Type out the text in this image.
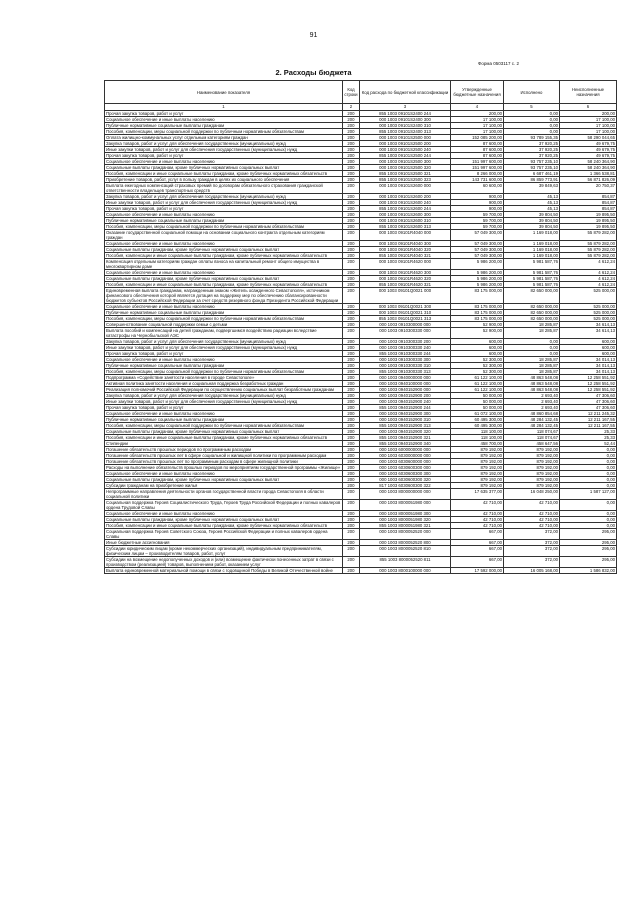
91
Форма 0503117 с. 2
2. Расходы бюджета
Наименование показателя	Код строки	Код расхода по бюджетной классификации	Утвержденные бюджетные назначения	Исполнено	Неисполненные назначения
1	2	3	4	5	6
Прочая закупка товаров, работ и услуг	200	855 1003 09101S2400 244	200,00	0,00	200,00
Социальное обеспечение и иные выплаты населению	200	000 1003 09101S2400 300	17 100,00	0,00	17 100,00
Публичные нормативные социальные выплаты гражданам	200	000 1003 09101S2400 310	17 100,00	0,00	17 100,00
Пособия, компенсации, меры социальной поддержки по публичным нормативным обязательствам	200	855 1003 09101S2400 313	17 100,00	0,00	17 100,00
Оплата жилищно-коммунальных услуг отдельным категориям граждан	200	000 1003 09101S2500 000	152 085 200,00	93 789 155,35	58 290 044,65
Закупка товаров, работ и услуг для обеспечения государственных (муниципальных) нужд	200	000 1003 09101S2500 200	87 600,00	37 920,25	49 679,75
Иные закупки товаров, работ и услуг для обеспечения государственных (муниципальных) нужд	200	000 1003 09101S2500 240	87 600,00	37 920,25	49 679,75
Прочая закупка товаров, работ и услуг	200	855 1003 09101S2500 244	87 600,00	37 920,25	49 679,75
Социальное обеспечение и иные выплаты населению	200	000 1003 09101S2500 300	151 997 600,00	93 757 235,10	58 240 364,90
Социальные выплаты гражданам, кроме публичных нормативных социальных выплат	200	000 1003 09101S2500 320	151 997 600,00	93 757 235,10	58 240 364,90
Пособия, компенсации и иные социальные выплаты гражданам, кроме публичных нормативных обязательств	200	855 1003 09101S2500 321	8 266 000,00	6 687 461,19	1 366 538,81
Приобретение товаров, работ, услуг в пользу граждан в целях их социального обеспечения	200	855 1003 09101S2500 323	143 731 600,00	86 859 773,91	56 871 826,09
Выплата ежегодных компенсаций страховых премий по договорам обязательного страхования гражданской ответственности владельцев транспортных средств	200	000 1003 09101S2600 000	60 600,00	39 849,63	20 750,37
Закупка товаров, работ и услуг для обеспечения государственных (муниципальных) нужд	200	000 1003 09101S2600 200	900,00	45,13	854,87
Иные закупки товаров, работ и услуг для обеспечения государственных (муниципальных) нужд	200	000 1003 09101S2600 240	900,00	45,13	854,87
Прочая закупка товаров, работ и услуг	200	855 1003 09101S2600 244	900,00	45,13	854,87
Социальное обеспечение и иные выплаты населению	200	000 1003 09101S2600 300	59 700,00	39 804,50	19 895,50
Публичные нормативные социальные выплаты гражданам	200	000 1003 09101S2600 310	59 700,00	39 804,50	19 895,50
Пособия, компенсации, меры социальной поддержки по публичным нормативным обязательствам	200	855 1003 09101S2600 313	59 700,00	39 804,50	19 895,50
Оказание государственной социальной помощи на основании социального контракта отдельным категориям граждан	200	000 1003 09101R4040 000	57 049 300,00	1 169 018,00	55 879 282,00
Социальное обеспечение и иные выплаты населению	200	000 1003 09101R4040 300	57 049 300,00	1 169 018,00	55 879 282,00
Социальные выплаты гражданам, кроме публичных нормативных социальных выплат	200	000 1003 09101R4040 320	57 049 300,00	1 169 018,00	55 879 282,00
Пособия, компенсации и иные социальные выплаты гражданам, кроме публичных нормативных обязательств	200	855 1003 09101R4040 321	57 049 300,00	1 169 018,00	55 879 282,00
Компенсация отдельным категориям граждан оплаты взноса на капитальный ремонт общего имущества в многоквартирном доме	200	000 1003 09101R4620 000	5 986 200,00	5 981 587,76	4 612,24
Социальное обеспечение и иные выплаты населению	200	000 1003 09101R4620 300	5 986 200,00	5 981 587,76	4 612,24
Социальные выплаты гражданам, кроме публичных нормативных социальных выплат	200	000 1003 09101R4620 320	5 986 200,00	5 981 587,76	4 612,24
Пособия, компенсации и иные социальные выплаты гражданам, кроме публичных нормативных обязательств	200	855 1003 09101R4620 321	5 986 200,00	5 981 587,76	4 612,24
Единовременная выплата гражданам, награжденным знаком «Житель осажденного Севастополя», источником финансового обеспечения которой является дотация на поддержку мер по обеспечению сбалансированности бюджетов субъектов Российской Федерации за счет средств резервного фонда Президента Российской Федерации	200	000 1003 09101Q0021 000	83 175 000,00	82 650 000,00	525 000,00
Социальное обеспечение и иные выплаты населению	200	000 1003 09101Q0021 300	83 175 000,00	82 650 000,00	525 000,00
Публичные нормативные социальные выплаты гражданам	200	000 1003 09101Q0021 310	83 175 000,00	82 650 000,00	525 000,00
Пособия, компенсации, меры социальной поддержки по публичным нормативным обязательствам	200	855 1003 09101Q0021 313	83 175 000,00	82 650 000,00	525 000,00
Совершенствование социальной поддержки семьи с детьми	200	000 1003 0910300000 000	52 900,00	18 285,87	34 614,13
Выплата пособий и компенсаций на детей гражданам, подвергшимся воздействию радиации вследствие катастрофы на Чернобыльской АЭС	200	000 1003 0910300330 000	52 900,00	18 285,87	34 614,13
Закупка товаров, работ и услуг для обеспечения государственных (муниципальных) нужд	200	000 1003 0910300330 200	600,00	0,00	600,00
Иные закупки товаров, работ и услуг для обеспечения государственных (муниципальных) нужд	200	000 1003 0910300330 240	600,00	0,00	600,00
Прочая закупка товаров, работ и услуг	200	855 1003 0910300330 244	600,00	0,00	600,00
Социальное обеспечение и иные выплаты населению	200	000 1003 0910300330 300	52 300,00	18 285,87	34 014,13
Публичные нормативные социальные выплаты гражданам	200	000 1003 0910300330 310	52 300,00	18 285,87	34 014,13
Пособия, компенсации, меры социальной поддержки по публичным нормативным обязательствам	200	855 1003 0910300330 313	52 300,00	18 285,87	34 014,13
Подпрограмма «Содействие занятости населения в городе Севастополе»	200	000 1003 0940000000 000	61 122 100,00	48 863 548,08	12 258 551,92
Активная политика занятости населения и социальная поддержка безработных граждан	200	000 1003 0940100000 000	61 122 100,00	48 863 548,08	12 258 551,92
Реализация полномочий Российской Федерации по осуществлению социальных выплат безработным гражданам	200	000 1003 0940152900 000	61 122 100,00	48 863 548,08	12 258 551,92
Закупка товаров, работ и услуг для обеспечения государственных (муниципальных) нужд	200	000 1003 0940152900 200	50 000,00	2 693,40	47 306,60
Иные закупки товаров, работ и услуг для обеспечения государственных (муниципальных) нужд	200	000 1003 0940152900 240	50 000,00	2 693,40	47 306,60
Прочая закупка товаров, работ и услуг	200	855 1003 0940152900 244	50 000,00	2 693,40	47 306,60
Социальное обеспечение и иные выплаты населению	200	000 1003 0940152900 300	61 072 100,00	48 860 854,68	12 211 245,32
Публичные нормативные социальные выплаты гражданам	200	000 1003 0940152900 310	60 495 300,00	48 284 132,45	12 211 167,55
Пособия, компенсации, меры социальной поддержки по публичным нормативным обязательствам	200	855 1003 0940152900 313	60 495 300,00	48 284 132,45	12 211 167,55
Социальные выплаты гражданам, кроме публичных нормативных социальных выплат	200	000 1003 0940152900 320	118 100,00	118 074,67	25,33
Пособия, компенсации и иные социальные выплаты гражданам, кроме публичных нормативных обязательств	200	855 1003 0940152900 321	118 100,00	118 074,67	25,33
Стипендии	200	855 1003 0940152900 340	458 700,00	458 647,56	52,44
Погашение обязательств прошлых периодов по программным расходам	200	000 1003 6000000000 000	879 192,00	879 192,00	0,00
Погашение обязательств прошлых лет в сфере социальной и жилищной политики по программным расходам	200	000 1003 6030000000 000	879 192,00	879 192,00	0,00
Погашение обязательств прошлых лет по программным расходам в сфере жилищной политики	200	000 1003 6030600000 000	879 192,00	879 192,00	0,00
Расходы на выполнение обязательств прошлых периодов по мероприятиям государственной программы «Жилище»	200	000 1003 6030600300 000	879 192,00	879 192,00	0,00
Социальное обеспечение и иные выплаты населению	200	000 1003 6030600300 300	879 192,00	879 192,00	0,00
Социальные выплаты гражданам, кроме публичных нормативных социальных выплат	200	000 1003 6030600300 320	879 192,00	879 192,00	0,00
Субсидии гражданам на приобретение жилья	200	817 1003 6030600300 322	879 192,00	879 192,00	0,00
Непрограммные направления деятельности органов государственной власти города Севастополя в области социальной политики	200	000 1003 8000000000 000	17 635 377,00	16 048 250,00	1 587 127,00
Социальная поддержка Героев Социалистического Труда, Героев Труда Российской Федерации и полных кавалеров ордена Трудовой Славы	200	000 1003 8000051980 000	42 710,00	42 710,00	0,00
Социальное обеспечение и иные выплаты населению	200	000 1003 8000051980 300	42 710,00	42 710,00	0,00
Социальные выплаты гражданам, кроме публичных нормативных социальных выплат	200	000 1003 8000051980 320	42 710,00	42 710,00	0,00
Пособия, компенсации и иные социальные выплаты гражданам, кроме публичных нормативных обязательств	200	855 1003 8000051980 321	42 710,00	42 710,00	0,00
Социальная поддержка Героев Советского Союза, Героев Российской Федерации и полных кавалеров ордена Славы	200	000 1003 8000052520 000	667,00	372,00	295,00
Иные бюджетные ассигнования	200	000 1003 8000052520 800	667,00	372,00	295,00
Субсидии юридическим лицам (кроме некоммерческих организаций), индивидуальным предпринимателям, физическим лицам – производителям товаров, работ, услуг	200	000 1003 8000052520 810	667,00	372,00	295,00
Субсидии на возмещение недополученных доходов и (или) возмещение фактически понесенных затрат в связи с производством (реализацией) товаров, выполнением работ, оказанием услуг	200	855 1003 8000052520 811	667,00	372,00	295,00
Выплата единовременной материальной помощи в связи с годовщиной Победы в Великой Отечественной войне	200	000 1003 8000100000 000	17 592 000,00	16 005 168,00	1 586 832,00
